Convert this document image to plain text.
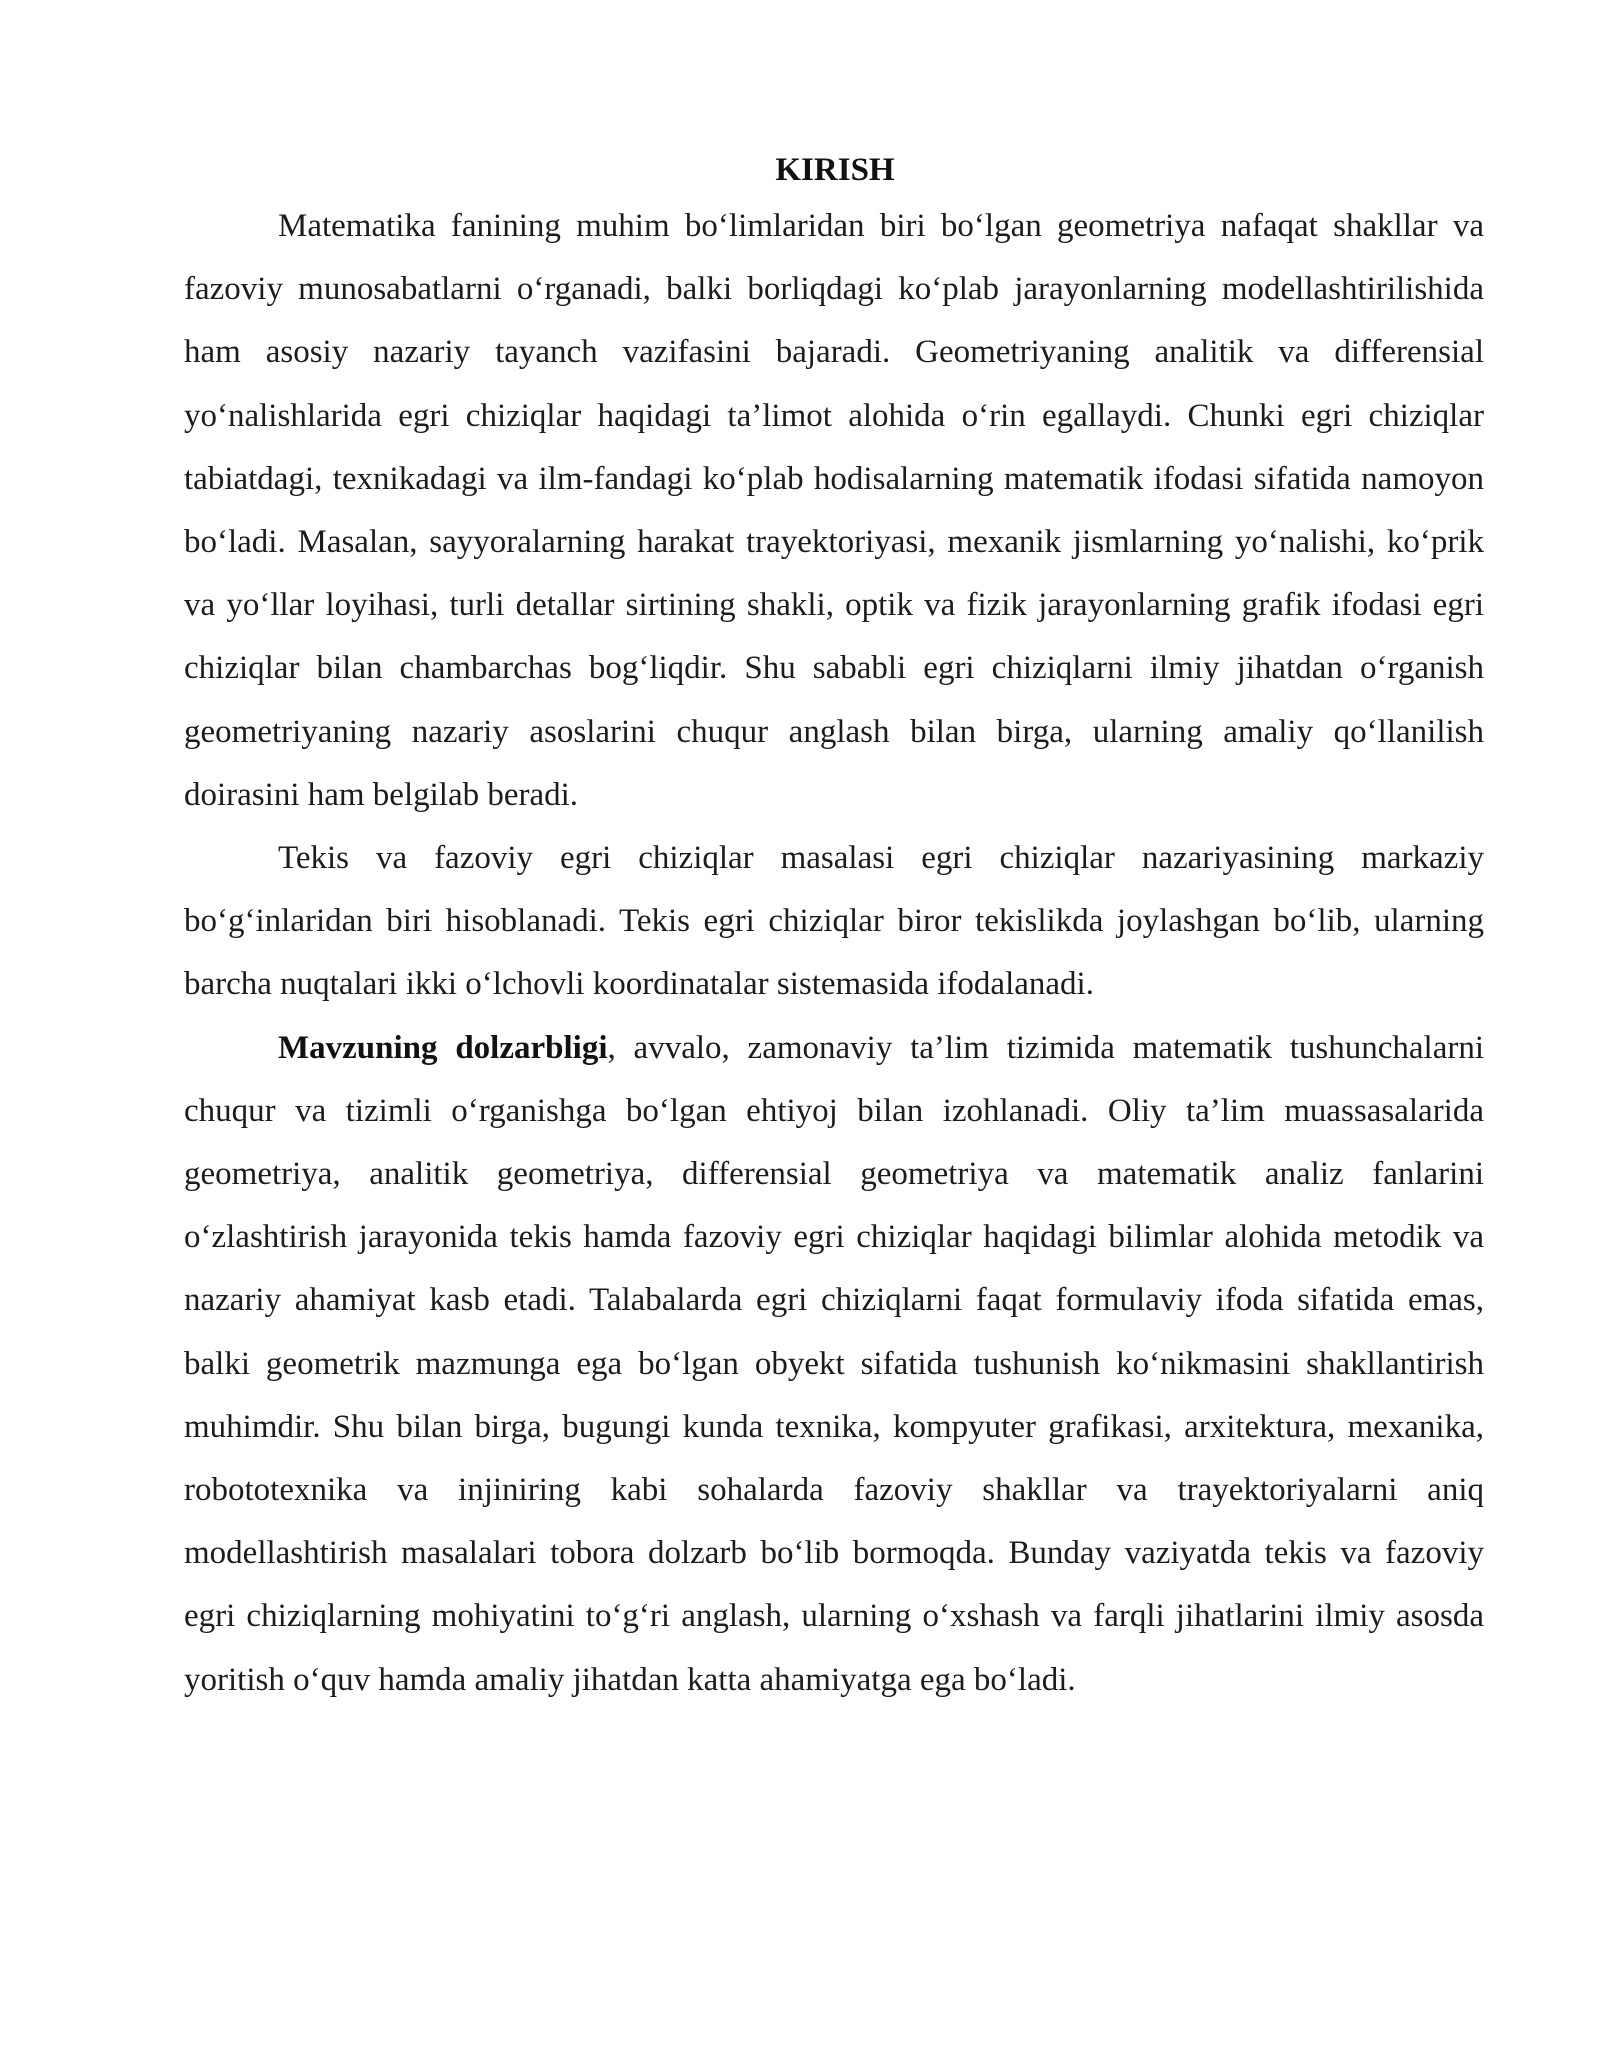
KIRISH

Matematika fanining muhim bo‘limlaridan biri bo‘lgan geometriya nafaqat shakllar va fazoviy munosabatlarni o‘rganadi, balki borliqdagi ko‘plab jarayonlarning modellashtirilishida ham asosiy nazariy tayanch vazifasini bajaradi. Geometriyaning analitik va differensial yo‘nalishlarida egri chiziqlar haqidagi ta’limot alohida o‘rin egallaydi. Chunki egri chiziqlar tabiatdagi, texnikadagi va ilm-fandagi ko‘plab hodisalarning matematik ifodasi sifatida namoyon bo‘ladi. Masalan, sayyoralarning harakat trayektoriyasi, mexanik jismlarning yo‘nalishi, ko‘prik va yo‘llar loyihasi, turli detallar sirtining shakli, optik va fizik jarayonlarning grafik ifodasi egri chiziqlar bilan chambarchas bog‘liqdir. Shu sababli egri chiziqlarni ilmiy jihatdan o‘rganish geometriyaning nazariy asoslarini chuqur anglash bilan birga, ularning amaliy qo‘llanilish doirasini ham belgilab beradi.

Tekis va fazoviy egri chiziqlar masalasi egri chiziqlar nazariyasining markaziy bo‘g‘inlaridan biri hisoblanadi. Tekis egri chiziqlar biror tekislikda joylashgan bo‘lib, ularning barcha nuqtalari ikki o‘lchovli koordinatalar sistemasida ifodalanadi.

Mavzuning dolzarbligi, avvalo, zamonaviy ta’lim tizimida matematik tushunchalarni chuqur va tizimli o‘rganishga bo‘lgan ehtiyoj bilan izohlanadi. Oliy ta’lim muassasalarida geometriya, analitik geometriya, differensial geometriya va matematik analiz fanlarini o‘zlashtirish jarayonida tekis hamda fazoviy egri chiziqlar haqidagi bilimlar alohida metodik va nazariy ahamiyat kasb etadi. Talabalarda egri chiziqlarni faqat formulaviy ifoda sifatida emas, balki geometrik mazmunga ega bo‘lgan obyekt sifatida tushunish ko‘nikmasini shakllantirish muhimdir. Shu bilan birga, bugungi kunda texnika, kompyuter grafikasi, arxitektura, mexanika, robototexnika va injiniring kabi sohalarda fazoviy shakllar va trayektoriyalarni aniq modellashtirish masalalari tobora dolzarb bo‘lib bormoqda. Bunday vaziyatda tekis va fazoviy egri chiziqlarning mohiyatini to‘g‘ri anglash, ularning o‘xshash va farqli jihatlarini ilmiy asosda yoritish o‘quv hamda amaliy jihatdan katta ahamiyatga ega bo‘ladi.
